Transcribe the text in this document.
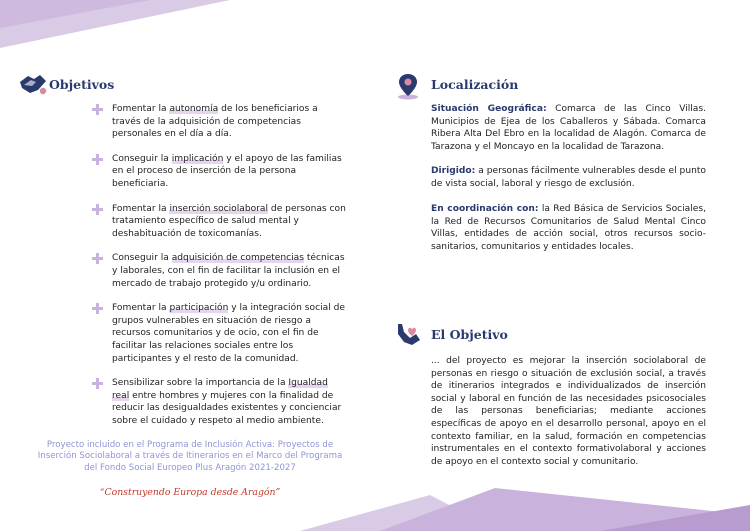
Objetivos
Fomentar la autonomía de los beneficiarios a través de la adquisición de competencias personales en el día a día.
Conseguir la implicación y el apoyo de las familias en el proceso de inserción de la persona beneficiaria.
Fomentar la inserción sociolaboral de personas con tratamiento específico de salud mental y deshabituación de toxicomanías.
Conseguir la adquisición de competencias técnicas y laborales, con el fin de facilitar la inclusión en el mercado de trabajo protegido y/u ordinario.
Fomentar la participación y la integración social de grupos vulnerables en situación de riesgo a recursos comunitarios y de ocio, con el fin de facilitar las relaciones sociales entre los participantes y el resto de la comunidad.
Sensibilizar sobre la importancia de la Igualdad real entre hombres y mujeres con la finalidad de reducir las desigualdades existentes y concienciar sobre el cuidado y respeto al medio ambiente.
Proyecto incluido en el Programa de Inclusión Activa: Proyectos de Inserción Sociolaboral a través de Itinerarios en el Marco del Programa del Fondo Social Europeo Plus Aragón 2021-2027
“Construyendo Europa desde Aragón”
Localización
Situación Geográfica: Comarca de las Cinco Villas. Municipios de Ejea de los Caballeros y Sábada. Comarca Ribera Alta Del Ebro en la localidad de Alagón. Comarca de Tarazona y el Moncayo en la localidad de Tarazona.
Dirigido: a personas fácilmente vulnerables desde el punto de vista social, laboral y riesgo de exclusión.
En coordinación con: la Red Básica de Servicios Sociales, la Red de Recursos Comunitarios de Salud Mental Cinco Villas, entidades de acción social, otros recursos socio-sanitarios, comunitarios y entidades locales.
El Objetivo
... del proyecto es mejorar la inserción sociolaboral de personas en riesgo o situación de exclusión social, a través de itinerarios integrados e individualizados de inserción social y laboral en función de las necesidades psicosociales de las personas beneficiarias; mediante acciones específicas de apoyo en el desarrollo personal, apoyo en el contexto familiar, en la salud, formación en competencias instrumentales en el contexto formativolaboral y acciones de apoyo en el contexto social y comunitario.
